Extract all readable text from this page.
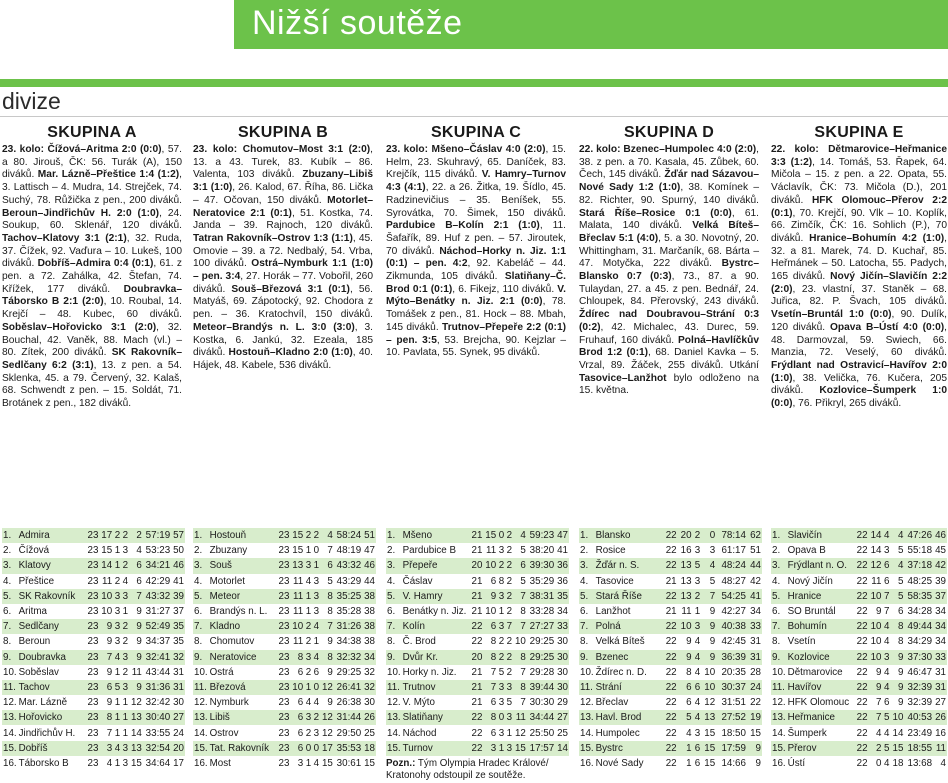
Nižší soutěže
divize
SKUPINA A

23. kolo: Čížová–Aritma 2:0 (0:0), 57. a 80. Jirouš, ČK: 56. Turák (A), 150 diváků. Mar. Lázně–Přeštice 1:4 (1:2), 3. Lattisch – 4. Mudra, 14. Strejček, 74. Suchý, 78. Růžička z pen., 200 diváků. Beroun–Jindřichův H. 2:0 (1:0), 24. Soukup, 60. Sklenář, 120 diváků. Tachov–Klatovy 3:1 (2:1), 32. Ruda, 37. Čížek, 92. Vaďura – 10. Lukeš, 100 diváků. Dobříš–Admira 0:4 (0:1), 61. z pen. a 72. Zahálka, 42. Štefan, 74. Křížek, 177 diváků. Doubravka–Táborsko B 2:1 (2:0), 10. Roubal, 14. Krejčí – 48. Kubec, 60 diváků. Soběslav–Hořovicko 3:1 (2:0), 32. Bouchal, 42. Vaněk, 88. Mach (vl.) – 80. Zítek, 200 diváků. SK Rakovník–Sedlčany 6:2 (3:1), 13. z pen. a 54. Sklenka, 45. a 79. Červený, 32. Kalaš, 68. Schwendt z pen. – 15. Soldát, 71. Brotánek z pen., 182 diváků.

SKUPINA B

23. kolo: Chomutov–Most 3:1 (2:0), 13. a 43. Turek, 83. Kubík – 86. Valenta, 103 diváků. Zbuzany–Libiš 3:1 (1:0), 26. Kalod, 67. Říha, 86. Lička – 47. Očovan, 150 diváků. Motorlet–Neratovice 2:1 (0:1), 51. Kostka, 74. Janda – 39. Rajnoch, 120 diváků. Tatran Rakovník–Ostrov 1:3 (1:1), 45. Omovie – 39. a 72. Nedbalý, 54. Vrba, 100 diváků. Ostrá–Nymburk 1:1 (1:0) – pen. 3:4, 27. Horák – 77. Vobořil, 260 diváků. Souš–Březová 3:1 (0:1), 56. Matyáš, 69. Zápotocký, 92. Chodora z pen. – 36. Kratochvíl, 150 diváků. Meteor–Brandýs n. L. 3:0 (3:0), 3. Kostka, 6. Jankú, 32. Ezeala, 185 diváků. Hostouň–Kladno 2:0 (1:0), 40. Hájek, 48. Kabele, 536 diváků.

SKUPINA C

23. kolo: Mšeno–Čáslav 4:0 (2:0), 15. Helm, 23. Skuhravý, 65. Daníček, 83. Krejčík, 115 diváků. V. Hamry–Turnov 4:3 (4:1), 22. a 26. Žitka, 19. Šídlo, 45. Radzinevičius – 35. Beníšek, 55. Syrovátka, 70. Šimek, 150 diváků. Pardubice B–Kolín 2:1 (1:0), 11. Šafařík, 89. Huf z pen. – 57. Jiroutek, 70 diváků. Náchod–Horky n. Jiz. 1:1 (0:1) – pen. 4:2, 92. Kabeláč – 44. Zikmunda, 105 diváků. Slatiňany–Č. Brod 0:1 (0:1), 6. Fikejz, 110 diváků. V. Mýto–Benátky n. Jiz. 2:1 (0:0), 78. Tomášek z pen., 81. Hock – 88. Mbah, 145 diváků. Trutnov–Přepeře 2:2 (0:1) – pen. 3:5, 53. Brejcha, 90. Kejzlar – 10. Pavlata, 55. Synek, 95 diváků.

SKUPINA D

22. kolo: Bzenec–Humpolec 4:0 (2:0), 38. z pen. a 70. Kasala, 45. Zůbek, 60. Čech, 145 diváků. Žďár nad Sázavou–Nové Sady 1:2 (1:0), 38. Komínek – 82. Richter, 90. Spurný, 140 diváků. Stará Říše–Rosice 0:1 (0:0), 61. Malata, 140 diváků. Velká Bíteš–Břeclav 5:1 (4:0), 5. a 30. Novotný, 20. Whittingham, 31. Marčaník, 68. Bárta – 47. Motyčka, 222 diváků. Bystrc–Blansko 0:7 (0:3), 73., 87. a 90. Tulaydan, 27. a 45. z pen. Bednář, 24. Chloupek, 84. Přerovský, 243 diváků. Ždírec nad Doubravou–Strání 0:3 (0:2), 42. Michalec, 43. Durec, 59. Fruhauf, 160 diváků. Polná–Havlíčkův Brod 1:2 (0:1), 68. Daniel Kavka – 5. Vrzal, 89. Žáček, 255 diváků. Utkání Tasovice–Lanžhot bylo odloženo na 15. května.

SKUPINA E

22. kolo: Dětmarovice–Heřmanice 3:3 (1:2), 14. Tomáš, 53. Řapek, 64. Mičola – 15. z pen. a 22. Opata, 55. Václavík, ČK: 73. Mičola (D.), 201 diváků. HFK Olomouc–Přerov 2:2 (0:1), 70. Krejčí, 90. Vlk – 10. Koplík, 66. Zimčík, ČK: 16. Sohlich (P.), 70 diváků. Hranice–Bohumín 4:2 (1:0), 32. a 81. Marek, 74. D. Kuchař, 85. Heřmánek – 50. Latocha, 55. Padych, 165 diváků. Nový Jičín–Slavičín 2:2 (2:0), 23. vlastní, 37. Staněk – 68. Juřica, 82. P. Švach, 105 diváků. Vsetín–Bruntál 1:0 (0:0), 90. Dulík, 120 diváků. Opava B–Ústí 4:0 (0:0), 48. Darmovzal, 59. Swiech, 66. Manzia, 72. Veselý, 60 diváků. Frýdlant nad Ostravicí–Havířov 2:0 (1:0), 38. Velička, 76. Kučera, 205 diváků. Kozlovice–Šumperk 1:0 (0:0), 76. Přikryl, 265 diváků.

1.	Admira	23	17	2	2	2	57:19	57
2.	Čížová	23	15	1	3	4	53:23	50
3.	Klatovy	23	14	1	2	6	34:21	46
4.	Přeštice	23	11	2	4	6	42:29	41
5.	SK Rakovník	23	10	3	3	7	43:32	39
6.	Aritma	23	10	3	1	9	31:27	37
7.	Sedlčany	23	9	3	2	9	52:49	35
8.	Beroun	23	9	3	2	9	34:37	35
9.	Doubravka	23	7	4	3	9	32:41	32
10.	Soběslav	23	9	1	2	11	43:44	31
11.	Tachov	23	6	5	3	9	31:36	31
12.	Mar. Lázně	23	9	1	1	12	32:42	30
13.	Hořovicko	23	8	1	1	13	30:40	27
14.	Jindřichův H.	23	7	1	1	14	33:55	24
15.	Dobříš	23	3	4	3	13	32:54	20
16.	Táborsko B	23	4	1	3	15	34:64	17
1.	Hostouň	23	15	2	2	4	58:24	51
2.	Zbuzany	23	15	1	0	7	48:19	47
3.	Souš	23	13	3	1	6	43:32	46
4.	Motorlet	23	11	4	3	5	43:29	44
5.	Meteor	23	11	1	3	8	35:25	38
6.	Brandýs n. L.	23	11	1	3	8	35:28	38
7.	Kladno	23	10	2	4	7	31:26	38
8.	Chomutov	23	11	2	1	9	34:38	38
9.	Neratovice	23	8	3	4	8	32:32	34
10.	Ostrá	23	6	2	6	9	29:25	32
11.	Březová	23	10	1	0	12	26:41	32
12.	Nymburk	23	6	4	4	9	26:38	30
13.	Libiš	23	6	3	2	12	31:44	26
14.	Ostrov	23	6	2	3	12	29:50	25
15.	Tat. Rakovník	23	6	0	0	17	35:53	18
16.	Most	23	3	1	4	15	30:61	15
1.	Mšeno	21	15	0	2	4	59:23	47
2.	Pardubice B	21	11	3	2	5	38:20	41
3.	Přepeře	20	10	2	2	6	39:30	36
4.	Čáslav	21	6	8	2	5	35:29	36
5.	V. Hamry	21	9	3	2	7	38:31	35
6.	Benátky n. Jiz.	21	10	1	2	8	33:28	34
7.	Kolín	22	6	3	7	7	27:27	33
8.	Č. Brod	22	8	2	2	10	29:25	30
9.	Dvůr Kr.	20	8	2	2	8	29:25	30
10.	Horky n. Jiz.	21	7	5	2	7	29:28	30
11.	Trutnov	21	7	3	3	8	39:44	30
12.	V. Mýto	21	6	3	5	7	30:30	29
13.	Slatiňany	22	8	0	3	11	34:44	27
14.	Náchod	22	6	3	1	12	25:50	25
15.	Turnov	22	3	1	3	15	17:57	14
Pozn.: Tým Olympia Hradec Králové/ Kratonohy odstoupil ze soutěže.
1.	Blansko	22	20	2	0	78:14	62
2.	Rosice	22	16	3	3	61:17	51
3.	Žďár n. S.	22	13	5	4	48:24	44
4.	Tasovice	21	13	3	5	48:27	42
5.	Stará Říše	22	13	2	7	54:25	41
6.	Lanžhot	21	11	1	9	42:27	34
7.	Polná	22	10	3	9	40:38	33
8.	Velká Bíteš	22	9	4	9	42:45	31
9.	Bzenec	22	9	4	9	36:39	31
10.	Ždírec n. D.	22	8	4	10	20:35	28
11.	Strání	22	6	6	10	30:37	24
12.	Břeclav	22	6	4	12	31:51	22
13.	Havl. Brod	22	5	4	13	27:52	19
14.	Humpolec	22	4	3	15	18:50	15
15.	Bystrc	22	1	6	15	17:59	9
16.	Nové Sady	22	1	6	15	14:66	9
1.	Slavičín	22	14	4	4	47:26	46
2.	Opava B	22	14	3	5	55:18	45
3.	Frýdlant n. O.	22	12	6	4	37:18	42
4.	Nový Jičín	22	11	6	5	48:25	39
5.	Hranice	22	10	7	5	58:35	37
6.	SO Bruntál	22	9	7	6	34:28	34
7.	Bohumín	22	10	4	8	49:44	34
8.	Vsetín	22	10	4	8	34:29	34
9.	Kozlovice	22	10	3	9	37:30	33
10.	Dětmarovice	22	9	4	9	46:47	31
11.	Havířov	22	9	4	9	32:39	31
12.	HFK Olomouc	22	7	6	9	32:39	27
13.	Heřmanice	22	7	5	10	40:53	26
14.	Šumperk	22	4	4	14	23:49	16
15.	Přerov	22	2	5	15	18:55	11
16.	Ústí	22	0	4	18	13:68	4
